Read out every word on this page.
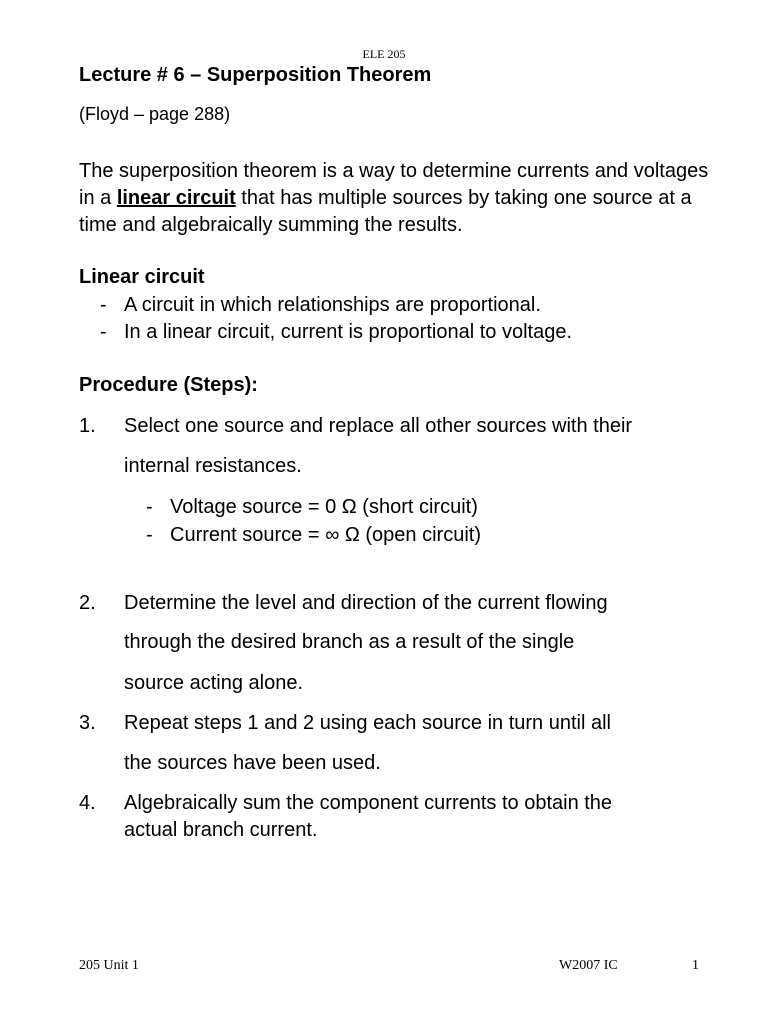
ELE 205
Lecture # 6 – Superposition Theorem
(Floyd – page 288)
The superposition theorem is a way to determine currents and voltages in a linear circuit that has multiple sources by taking one source at a time and algebraically summing the results.
Linear circuit
- A circuit in which relationships are proportional.
- In a linear circuit, current is proportional to voltage.
Procedure (Steps):
1. Select one source and replace all other sources with their
internal resistances.
- Voltage source = 0 Ω (short circuit)
- Current source = ∞ Ω (open circuit)
2. Determine the level and direction of the current flowing
through the desired branch as a result of the single
source acting alone.
3. Repeat steps 1 and 2 using each source in turn until all
the sources have been used.
4. Algebraically sum the component currents to obtain the
actual branch current.
205 Unit 1	W2007 IC	1
